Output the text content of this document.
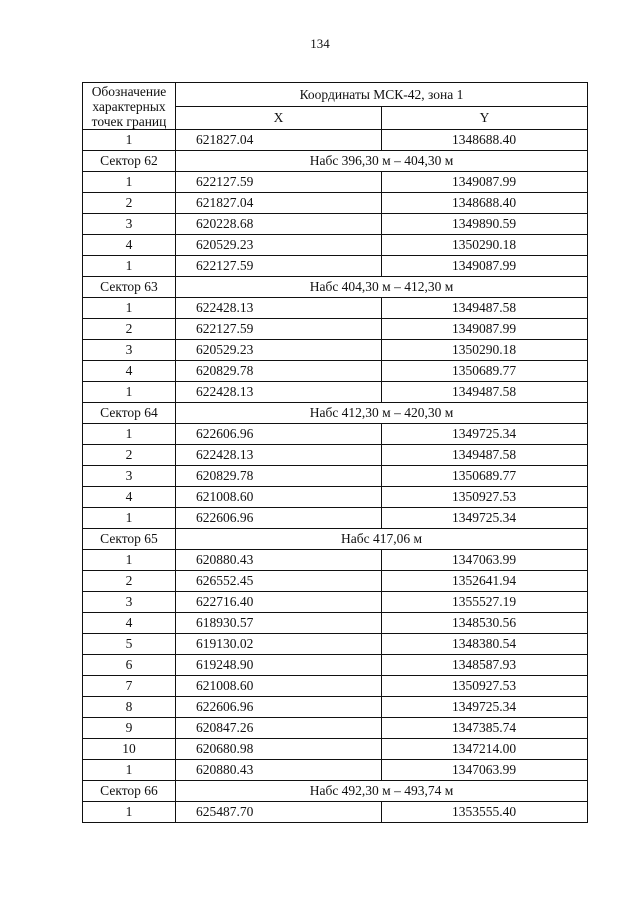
134
Обозначение характерных точек границ	Координаты МСК-42, зона 1	
	X	Y
1	621827.04	1348688.40
Сектор 62	Набс 396,30 м – 404,30 м	
1	622127.59	1349087.99
2	621827.04	1348688.40
3	620228.68	1349890.59
4	620529.23	1350290.18
1	622127.59	1349087.99
Сектор 63	Набс 404,30 м – 412,30 м	
1	622428.13	1349487.58
2	622127.59	1349087.99
3	620529.23	1350290.18
4	620829.78	1350689.77
1	622428.13	1349487.58
Сектор 64	Набс 412,30 м – 420,30 м	
1	622606.96	1349725.34
2	622428.13	1349487.58
3	620829.78	1350689.77
4	621008.60	1350927.53
1	622606.96	1349725.34
Сектор 65	Набс 417,06 м	
1	620880.43	1347063.99
2	626552.45	1352641.94
3	622716.40	1355527.19
4	618930.57	1348530.56
5	619130.02	1348380.54
6	619248.90	1348587.93
7	621008.60	1350927.53
8	622606.96	1349725.34
9	620847.26	1347385.74
10	620680.98	1347214.00
1	620880.43	1347063.99
Сектор 66	Набс 492,30 м – 493,74 м	
1	625487.70	1353555.40
